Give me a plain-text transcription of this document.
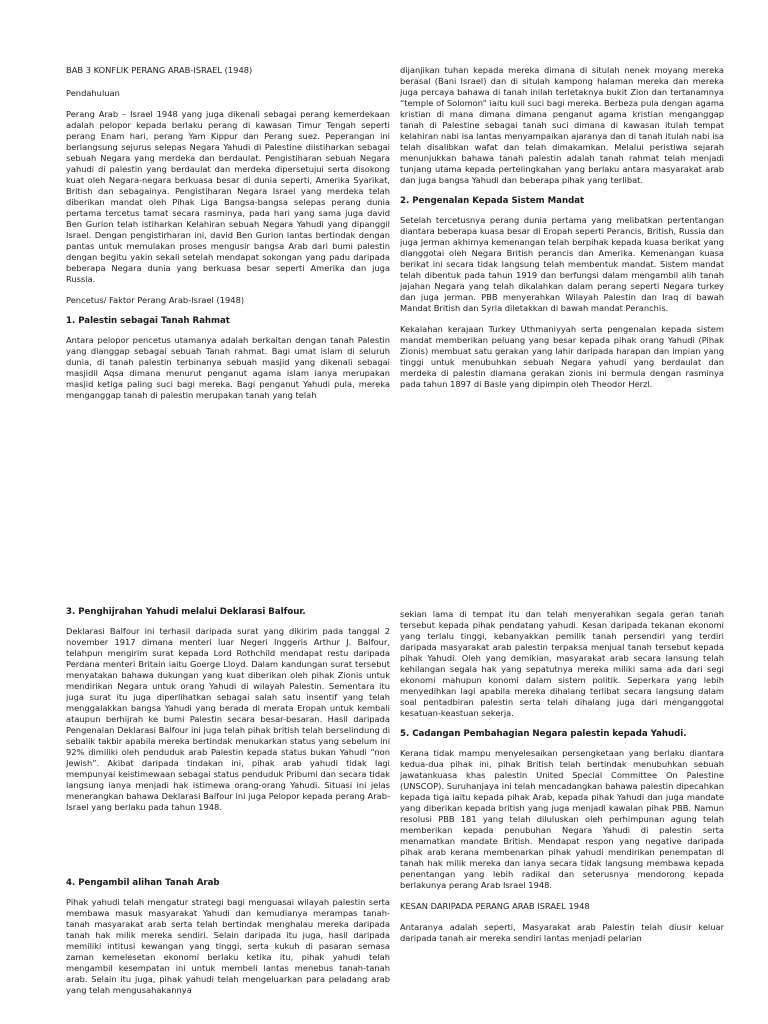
BAB 3 KONFLIK PERANG ARAB-ISRAEL (1948)

Pendahuluan

Perang Arab – Israel 1948 yang juga dikenali sebagai perang kemerdekaan adalah pelopor kepada berlaku perang di kawasan Timur Tengah seperti perang Enam hari, perang Yam Kippur dan Perang suez. Peperangan ini berlangsung sejurus selepas Negara Yahudi di Palestine diistiharkan sebagai sebuah Negara yang merdeka dan berdaulat. Pengistiharan sebuah Negara yahudi di palestin yang berdaulat dan merdeka dipersetujui serta disokong kuat oleh Negara-negara berkuasa besar di dunia seperti, Amerika Syarikat, British dan sebagainya. Pengistiharan Negara Israel yang merdeka telah diberikan mandat oleh Pihak Liga Bangsa-bangsa selepas perang dunia pertama tercetus tamat secara rasminya, pada hari yang sama juga david Ben Gurion telah istiharkan Kelahiran sebuah Negara Yahudi yang dipanggil Israel. Dengan pengistirharan ini, david Ben Gurion lantas bertindak dengan pantas untuk memulakan proses mengusir bangsa Arab dari bumi palestin dengan begitu yakin sekali setelah mendapat sokongan yang padu daripada beberapa Negara dunia yang berkuasa besar seperti Amerika dan juga Russia.

Pencetus/ Faktor Perang Arab-Israel (1948)

1. Palestin sebagai Tanah Rahmat

Antara pelopor pencetus utamanya adalah berkaitan dengan tanah Palestin yang dianggap sebagai sebuah Tanah rahmat. Bagi umat islam di seluruh dunia, di tanah palestin terbinanya sebuah masjid yang dikenali sebagai masjidil Aqsa dimana menurut penganut agama islam ianya merupakan masjid ketiga paling suci bagi mereka. Bagi penganut Yahudi pula, mereka menganggap tanah di palestin merupakan tanah yang telah

dijanjikan tuhan kepada mereka dimana di situlah nenek moyang mereka berasal (Bani Israel) dan di situlah kampong halaman mereka dan mereka juga percaya bahawa di tanah inilah terletaknya bukit Zion dan tertanamnya “temple of Solomon” iaitu kuil suci bagi mereka. Berbeza pula dengan agama kristian di mana dimana dimana penganut agama kristian menganggap tanah di Palestine sebagai tanah suci dimana di kawasan itulah tempat kelahiran nabi isa lantas menyampaikan ajaranya dan di tanah itulah nabi isa telah disalibkan wafat dan telah dimakamkan. Melalui peristiwa sejarah menunjukkan bahawa tanah palestin adalah tanah rahmat telah menjadi tunjang utama kepada pertelingkahan yang berlaku antara masyarakat arab dan juga bangsa Yahudi dan beberapa pihak yang terlibat.

2. Pengenalan Kepada Sistem Mandat

Setelah tercetusnya perang dunia pertama yang melibatkan pertentangan diantara beberapa kuasa besar di Eropah seperti Perancis, British, Russia dan juga Jerman akhirnya kemenangan telah berpihak kepada kuasa berikat yang dianggotai oleh Negara British perancis dan Amerika. Kemenangan kuasa berikat ini secara tidak langsung telah membentuk mandat. Sistem mandat telah dibentuk pada tahun 1919 dan berfungsi dalam mengambil alih tanah jajahan Negara yang telah dikalahkan dalam perang seperti Negara turkey dan juga jerman. PBB menyerahkan Wilayah Palestin dan Iraq di bawah Mandat British dan Syria diletakkan di bawah mandat Peranchis.

Kekalahan kerajaan Turkey Uthmaniyyah serta pengenalan kepada sistem mandat memberikan peluang yang besar kepada pihak orang Yahudi (Pihak Zionis) membuat satu gerakan yang lahir daripada harapan dan impian yang tinggi untuk menubuhkan sebuah Negara yahudi yang berdaulat dan merdeka di palestin diamana gerakan zionis ini bermula dengan rasminya pada tahun 1897 di Basle yang dipimpin oleh Theodor Herzl.

3. Penghijrahan Yahudi melalui Deklarasi Balfour.

Deklarasi Balfour ini terhasil daripada surat yang dikirim pada tanggal 2 november 1917 dimana menteri luar Negeri Inggeris Arthur J. Balfour, telahpun mengirim surat kepada Lord Rothchild mendapat restu daripada Perdana menteri Britain iaitu Goerge Lloyd. Dalam kandungan surat tersebut menyatakan bahawa dukungan yang kuat diberikan oleh pihak Zionis untuk mendirikan Negara untuk orang Yahudi di wilayah Palestin. Sementara itu juga surat itu juga diperlihatkan sebagai salah satu insentif yang telah menggalakkan bangsa Yahudi yang berada di merata Eropah untuk kembali ataupun berhijrah ke bumi Palestin secara besar-besaran. Hasil daripada Pengenalan Deklarasi Balfour ini juga telah pihak british telah berselindung di sebalik takbir apabila mereka bertindak menukarkan status yang sebelum ini 92% dimiliki oleh penduduk arab Palestin kepada status bukan Yahudi “non Jewish”. Akibat daripada tindakan ini, pihak arab yahudi tidak lagi mempunyai keistimewaan sebagai status penduduk Pribumi dan secara tidak langsung ianya menjadi hak istimewa orang-orang Yahudi. Situasi ini jelas menerangkan bahawa Deklarasi Balfour ini juga Pelopor kepada perang Arab-Israel yang berlaku pada tahun 1948.

4. Pengambil alihan Tanah Arab

Pihak yahudi telah mengatur strategi bagi menguasai wilayah palestin serta membawa masuk masyarakat Yahudi dan kemudianya merampas tanah-tanah masyarakat arab serta telah bertindak menghalau mereka daripada tanah hak milik mereka sendiri. Selain daripada itu juga, hasil daripada memiliki intitusi kewangan yang tinggi, serta kukuh di pasaran semasa zaman kemelesetan ekonomi berlaku ketika itu, pihak yahudi telah mengambil kesempatan ini untuk membeli lantas menebus tanah-tanah arab. Selain itu juga, pihak yahudi telah mengeluarkan para peladang arab yang telah mengusahakannya

sekian lama di tempat itu dan telah menyerahkan segala geran tanah tersebut kepada pihak pendatang yahudi. Kesan daripada tekanan ekonomi yang terlalu tinggi, kebanyakkan pemilik tanah persendiri yang terdiri daripada masyarakat arab palestin terpaksa menjual tanah tersebut kepada pihak Yahudi. Oleh yang demikian, masyarakat arab secara lansung telah kehilangan segala hak yang sepatutnya mereka miliki sama ada dari segi ekonomi mahupun konomi dalam sistem politik. Seperkara yang lebih menyedihkan lagi apabila mereka dihalang terlibat secara langsung dalam soal pentadbiran palestin serta telah dihalang juga dari menganggotai kesatuan-keastuan sekerja.

5. Cadangan Pembahagian Negara palestin kepada Yahudi.

Kerana tidak mampu menyelesaikan persengketaan yang berlaku diantara kedua-dua pihak ini, pihak British telah bertindak menubuhkan sebuah jawatankuasa khas palestin United Special Committee On Palestine (UNSCOP). Suruhanjaya ini telah mencadangkan bahawa palestin dipecahkan kepada tiga iaitu kepada pihak Arab, kepada pihak Yahudi dan juga mandate yang diberikan kepada british yang juga menjadi kawalan pihak PBB. Namun resolusi PBB 181 yang telah diluluskan oleh perhimpunan agung telah memberikan kepada penubuhan Negara Yahudi di palestin serta menamatkan mandate British. Mendapat respon yang negative daripada pihak arab kerana membenarkan pihak yahudi mendirikan penempatan di tanah hak milik mereka dan ianya secara tidak langsung membawa kepada penentangan yang lebih radikal dan seterusnya mendorong kepada berlakunya perang Arab Israel 1948.

KESAN DARIPADA PERANG ARAB ISRAEL 1948

Antaranya adalah seperti, Masyarakat arab Palestin telah diusir keluar daripada tanah air mereka sendiri lantas menjadi pelarian
